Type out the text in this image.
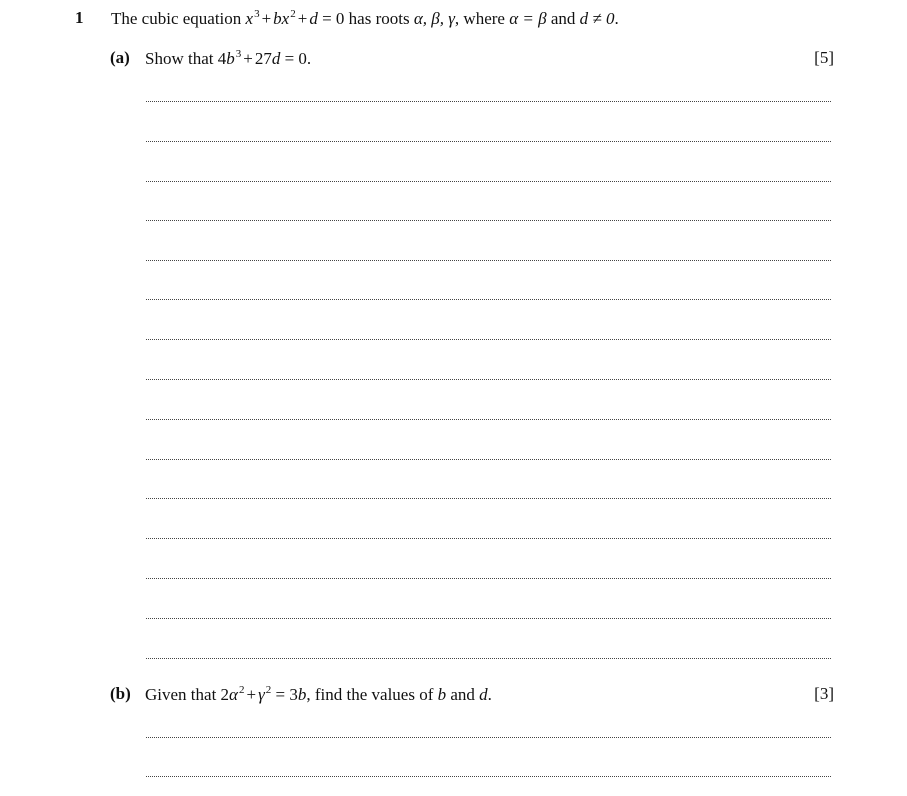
1 The cubic equation $x^3 + bx^2 + d = 0$ has roots α, β, γ, where α = β and d ≠ 0.
(a) Show that $4b^3 + 27d = 0$.	[5]
(b) Given that $2\alpha^2 + \gamma^2 = 3b$, find the values of b and d.	[3]
